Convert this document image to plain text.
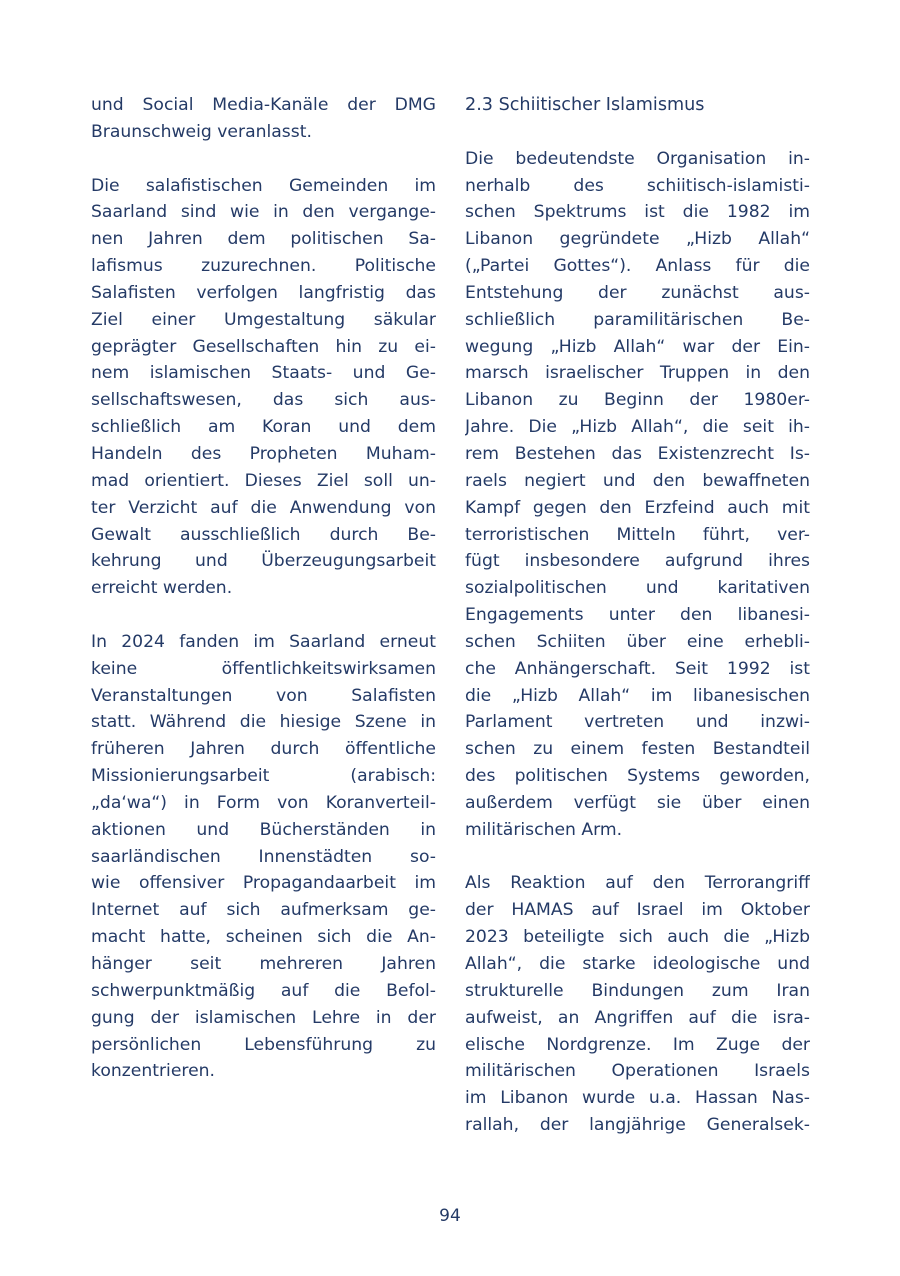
und Social Media-Kanäle der DMG
Braunschweig veranlasst.
Die salafistischen Gemeinden im
Saarland sind wie in den vergange-
nen Jahren dem politischen Sa-
lafismus zuzurechnen. Politische
Salafisten verfolgen langfristig das
Ziel einer Umgestaltung säkular
geprägter Gesellschaften hin zu ei-
nem islamischen Staats- und Ge-
sellschaftswesen, das sich aus-
schließlich am Koran und dem
Handeln des Propheten Muham-
mad orientiert. Dieses Ziel soll un-
ter Verzicht auf die Anwendung von
Gewalt ausschließlich durch Be-
kehrung und Überzeugungsarbeit
erreicht werden.
In 2024 fanden im Saarland erneut
keine öffentlichkeitswirksamen
Veranstaltungen von Salafisten
statt. Während die hiesige Szene in
früheren Jahren durch öffentliche
Missionierungsarbeit (arabisch:
„da‘wa“) in Form von Koranverteil-
aktionen und Bücherständen in
saarländischen Innenstädten so-
wie offensiver Propagandaarbeit im
Internet auf sich aufmerksam ge-
macht hatte, scheinen sich die An-
hänger seit mehreren Jahren
schwerpunktmäßig auf die Befol-
gung der islamischen Lehre in der
persönlichen Lebensführung zu
konzentrieren.
2.3 Schiitischer Islamismus
Die bedeutendste Organisation in-
nerhalb des schiitisch-islamisti-
schen Spektrums ist die 1982 im
Libanon gegründete „Hizb Allah“
(„Partei Gottes“). Anlass für die
Entstehung der zunächst aus-
schließlich paramilitärischen Be-
wegung „Hizb Allah“ war der Ein-
marsch israelischer Truppen in den
Libanon zu Beginn der 1980er-
Jahre. Die „Hizb Allah“, die seit ih-
rem Bestehen das Existenzrecht Is-
raels negiert und den bewaffneten
Kampf gegen den Erzfeind auch mit
terroristischen Mitteln führt, ver-
fügt insbesondere aufgrund ihres
sozialpolitischen und karitativen
Engagements unter den libanesi-
schen Schiiten über eine erhebli-
che Anhängerschaft. Seit 1992 ist
die „Hizb Allah“ im libanesischen
Parlament vertreten und inzwi-
schen zu einem festen Bestandteil
des politischen Systems geworden,
außerdem verfügt sie über einen
militärischen Arm.
Als Reaktion auf den Terrorangriff
der HAMAS auf Israel im Oktober
2023 beteiligte sich auch die „Hizb
Allah“, die starke ideologische und
strukturelle Bindungen zum Iran
aufweist, an Angriffen auf die isra-
elische Nordgrenze. Im Zuge der
militärischen Operationen Israels
im Libanon wurde u.a. Hassan Nas-
rallah, der langjährige Generalsek-
94
